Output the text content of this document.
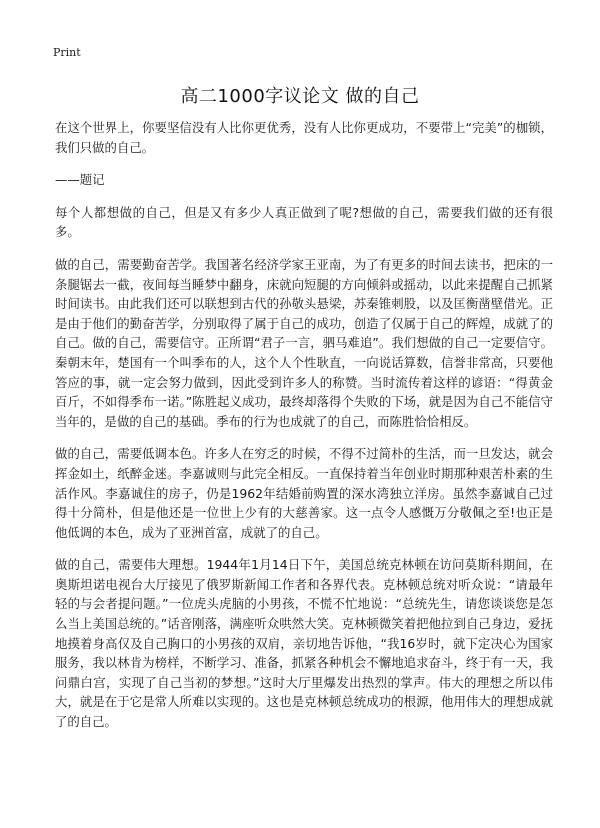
Print
高二1000字议论文 做的自己

在这个世界上，你要坚信没有人比你更优秀，没有人比你更成功，不要带上“完美”的枷锁，我们只做的自己。

——题记

每个人都想做的自己，但是又有多少人真正做到了呢?想做的自己，需要我们做的还有很多。

做的自己，需要勤奋苦学。我国著名经济学家王亚南，为了有更多的时间去读书，把床的一条腿锯去一截，夜间每当睡梦中翻身，床就向短腿的方向倾斜或摇动，以此来提醒自己抓紧时间读书。由此我们还可以联想到古代的孙敬头悬梁，苏秦锥刺股，以及匡衡凿壁借光。正是由于他们的勤奋苦学，分别取得了属于自己的成功，创造了仅属于自己的辉煌，成就了的自己。做的自己，需要信守。正所谓“君子一言，驷马难追”。我们想做的自己一定要信守。秦朝末年，楚国有一个叫季布的人，这个人个性耿直，一向说话算数，信誉非常高，只要他答应的事，就一定会努力做到，因此受到许多人的称赞。当时流传着这样的谚语：“得黄金百斤，不如得季布一诺。”陈胜起义成功，最终却落得个失败的下场，就是因为自己不能信守当年的，是做的自己的基础。季布的行为也成就了的自己，而陈胜恰恰相反。

做的自己，需要低调本色。许多人在穷乏的时候，不得不过简朴的生活，而一旦发达，就会挥金如土，纸醉金迷。李嘉诚则与此完全相反。一直保持着当年创业时期那种艰苦朴素的生活作风。李嘉诚住的房子，仍是1962年结婚前购置的深水湾独立洋房。虽然李嘉诚自己过得十分简朴，但是他还是一位世上少有的大慈善家。这一点令人感慨万分敬佩之至!也正是他低调的本色，成为了亚洲首富，成就了的自己。

做的自己，需要伟大理想。1944年1月14日下午，美国总统克林顿在访问莫斯科期间，在奥斯坦诺电视台大厅接见了俄罗斯新闻工作者和各界代表。克林顿总统对听众说：“请最年轻的与会者提问题。”一位虎头虎脑的小男孩，不慌不忙地说：“总统先生，请您谈谈您是怎么当上美国总统的。”话音刚落，满座听众哄然大笑。克林顿微笑着把他拉到自己身边，爱抚地摸着身高仅及自己胸口的小男孩的双肩，亲切地告诉他，“我16岁时，就下定决心为国家服务，我以林肯为榜样，不断学习、准备，抓紧各种机会不懈地追求奋斗，终于有一天，我问鼎白宫，实现了自己当初的梦想。”这时大厅里爆发出热烈的掌声。伟大的理想之所以伟大，就是在于它是常人所难以实现的。这也是克林顿总统成功的根源，他用伟大的理想成就了的自己。
